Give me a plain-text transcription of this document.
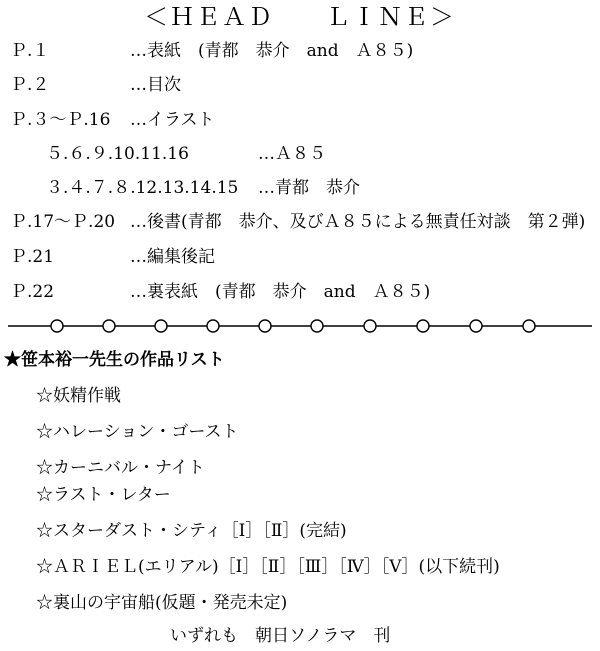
＜ＨＥＡＤ　　ＬＩＮＥ＞
Ｐ.１	…表紙　(青都　恭介　and　Ａ８５)
Ｐ.２	…目次
Ｐ.３～Ｐ.16	…イラスト
５.６.９.10.11.16	…Ａ８５
３.４.７.８.12.13.14.15 …青都　恭介
Ｐ.17～Ｐ.20 …後書(青都　恭介、及びＡ８５による無責任対談　第２弾)
Ｐ.21	…編集後記
Ｐ.22	…裏表紙　(青都　恭介　and　Ａ８５)
★笹本裕一先生の作品リスト
☆妖精作戦
☆ハレーション・ゴースト
☆カーニバル・ナイト
☆ラスト・レター
☆スターダスト・シティ［Ⅰ］［Ⅱ］(完結)
☆ＡＲＩＥＬ(エリアル)［Ⅰ］［Ⅱ］［Ⅲ］［Ⅳ］［Ⅴ］(以下続刊)
☆裏山の宇宙船(仮題・発売未定)
いずれも　朝日ソノラマ　刊
